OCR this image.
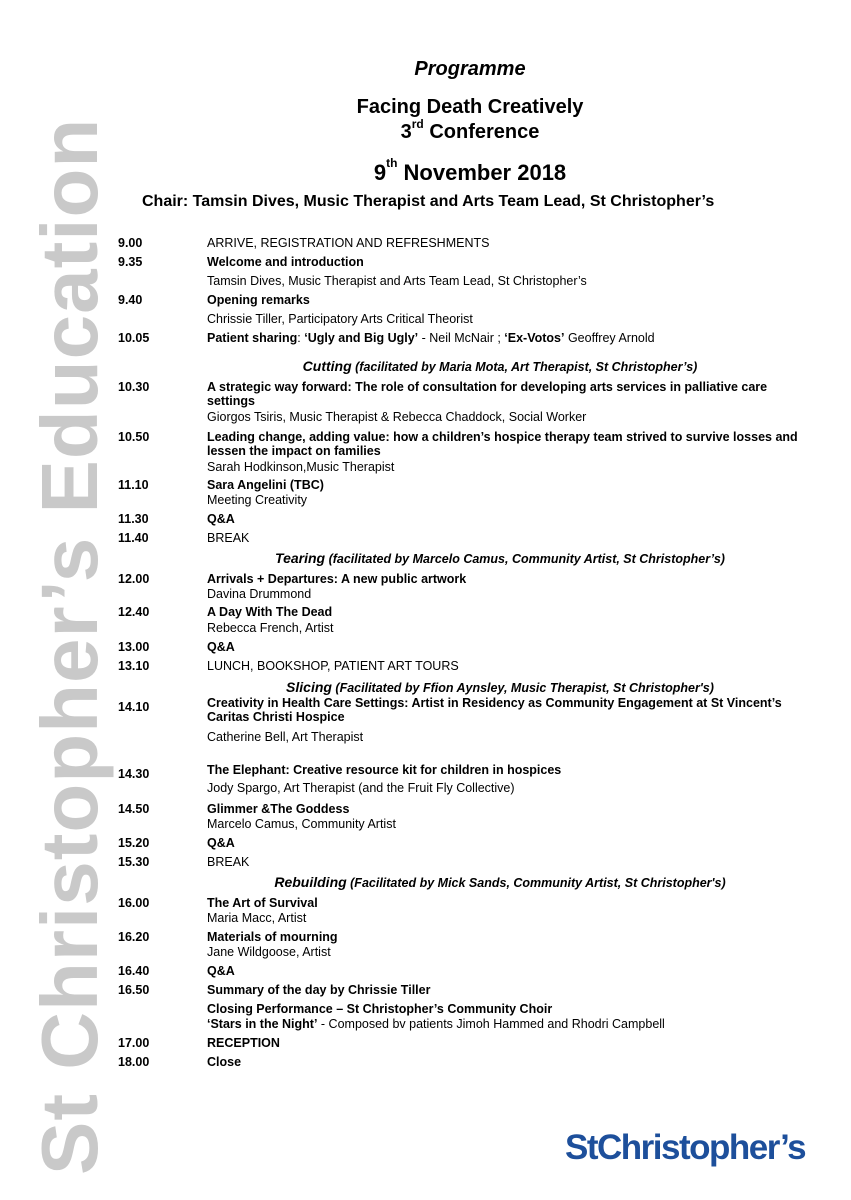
St Christopher’s Education
Programme
Facing Death Creatively
3rd Conference
9th November 2018
Chair: Tamsin Dives, Music Therapist and Arts Team Lead, St Christopher’s
9.00	ARRIVE, REGISTRATION AND REFRESHMENTS
9.35	Welcome and introduction
Tamsin Dives, Music Therapist and Arts Team Lead, St Christopher’s
9.40	Opening remarks
Chrissie Tiller, Participatory Arts Critical Theorist
10.05	Patient sharing: ‘Ugly and Big Ugly’ - Neil McNair ; ‘Ex-Votos’ Geoffrey Arnold
Cutting (facilitated by Maria Mota, Art Therapist, St Christopher’s)
10.30	A strategic way forward: The role of consultation for developing arts services in palliative care settings
Giorgos Tsiris, Music Therapist & Rebecca Chaddock, Social Worker
10.50	Leading change, adding value: how a children’s hospice therapy team strived to survive losses and lessen the impact on families
Sarah Hodkinson,Music Therapist
11.10	Sara Angelini (TBC)
Meeting Creativity
11.30	Q&A
11.40	BREAK
Tearing (facilitated by Marcelo Camus, Community Artist, St Christopher’s)
12.00	Arrivals + Departures: A new public artwork
Davina Drummond
12.40	A Day With The Dead
Rebecca French, Artist
13.00	Q&A
13.10	LUNCH, BOOKSHOP, PATIENT ART TOURS
Slicing (Facilitated by Ffion Aynsley, Music Therapist, St Christopher's)
14.10	Creativity in Health Care Settings: Artist in Residency as Community Engagement at St Vincent’s Caritas Christi Hospice
Catherine Bell, Art Therapist
14.30	The Elephant: Creative resource kit for children in hospices
Jody Spargo, Art Therapist (and the Fruit Fly Collective)
14.50	Glimmer &The Goddess
Marcelo Camus, Community Artist
15.20	Q&A
15.30	BREAK
Rebuilding (Facilitated by Mick Sands, Community Artist, St Christopher's)
16.00	The Art of Survival
Maria Macc, Artist
16.20	Materials of mourning
Jane Wildgoose, Artist
16.40	Q&A
16.50	Summary of the day by Chrissie Tiller
Closing Performance – St Christopher’s Community Choir
‘Stars in the Night’ - Composed bv patients Jimoh Hammed and Rhodri Campbell
17.00	RECEPTION
18.00	Close
StChristopher’s
